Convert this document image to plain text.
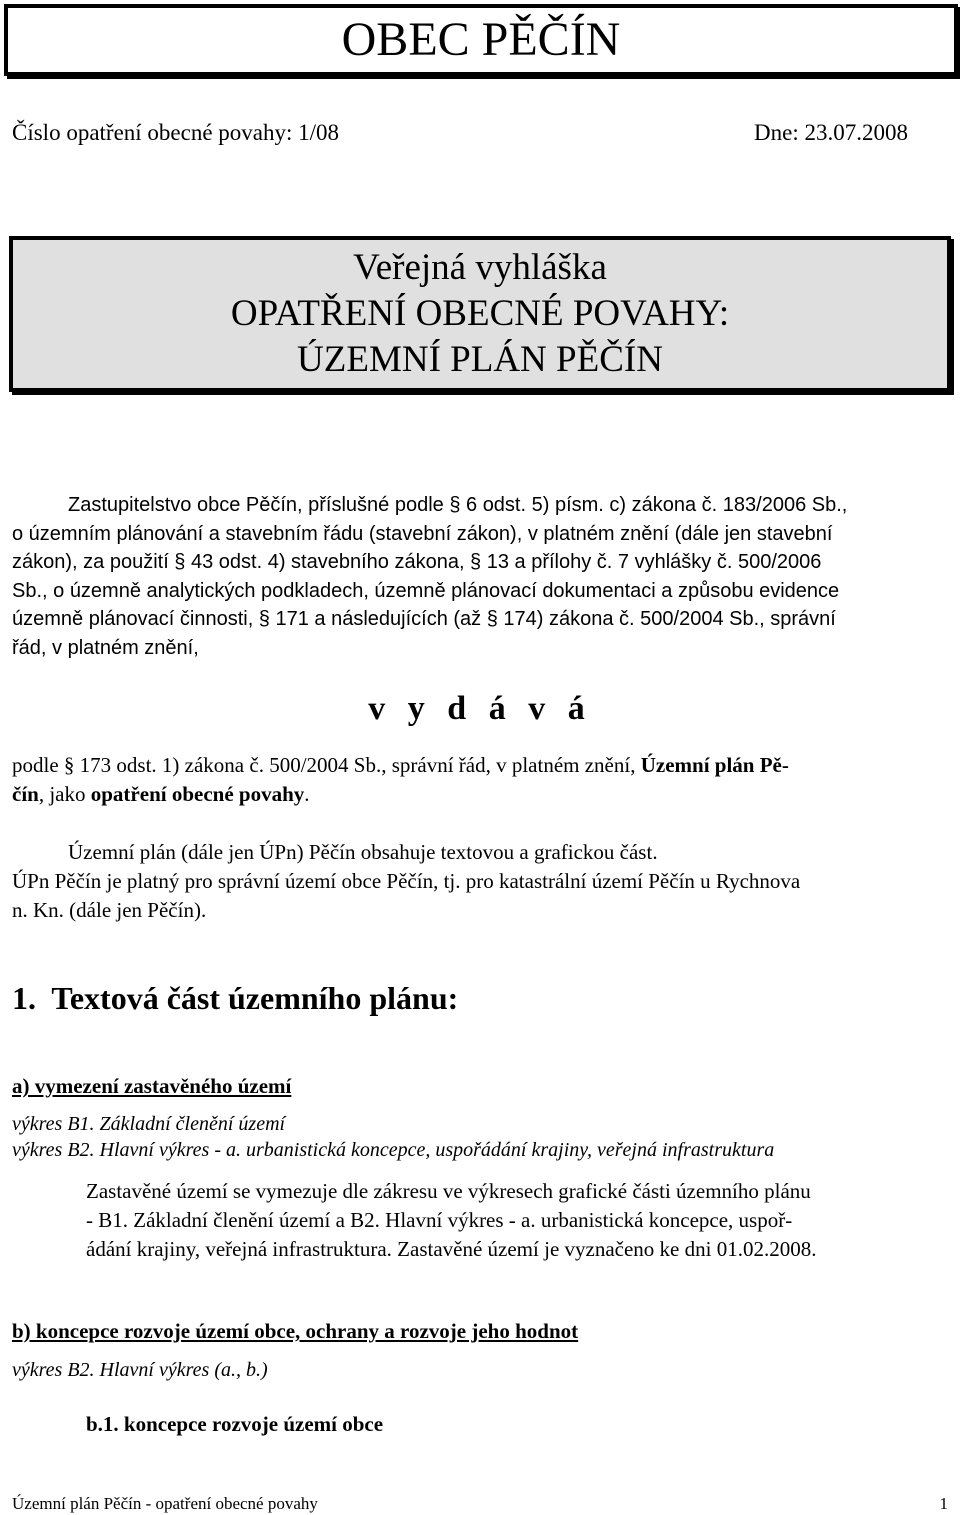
OBEC PĚČÍN
Číslo opatření obecné povahy: 1/08	Dne: 23.07.2008
Veřejná vyhláška
OPATŘENÍ OBECNÉ POVAHY:
ÚZEMNÍ PLÁN PĚČÍN
Zastupitelstvo obce Pěčín, příslušné podle § 6 odst. 5) písm. c) zákona č. 183/2006 Sb.,
o územním plánování a stavebním řádu (stavební zákon), v platném znění (dále jen stavební
zákon), za použití § 43 odst. 4) stavebního zákona, § 13 a přílohy č. 7 vyhlášky č. 500/2006
Sb., o územně analytických podkladech, územně plánovací dokumentaci a způsobu evidence
územně plánovací činnosti, § 171 a následujících (až § 174) zákona č. 500/2004 Sb., správní
řád, v platném znění,
v y d á v á
podle § 173 odst. 1) zákona č. 500/2004 Sb., správní řád, v platném znění, Územní plán Pě-
čín, jako opatření obecné povahy.
Územní plán (dále jen ÚPn) Pěčín obsahuje textovou a grafickou část.
ÚPn Pěčín je platný pro správní území obce Pěčín, tj. pro katastrální území Pěčín u Rychnova
n. Kn. (dále jen Pěčín).
1.  Textová část územního plánu:
a) vymezení zastavěného území
výkres B1. Základní členění území
výkres B2. Hlavní výkres - a. urbanistická koncepce, uspořádání krajiny, veřejná infrastruktura
Zastavěné území se vymezuje dle zákresu ve výkresech grafické části územního plánu
- B1. Základní členění území a B2. Hlavní výkres - a. urbanistická koncepce, uspoř-
ádání krajiny, veřejná infrastruktura. Zastavěné území je vyznačeno ke dni 01.02.2008.
b) koncepce rozvoje území obce, ochrany a rozvoje jeho hodnot
výkres B2. Hlavní výkres (a., b.)
b.1. koncepce rozvoje území obce
Územní plán Pěčín - opatření obecné povahy	1
